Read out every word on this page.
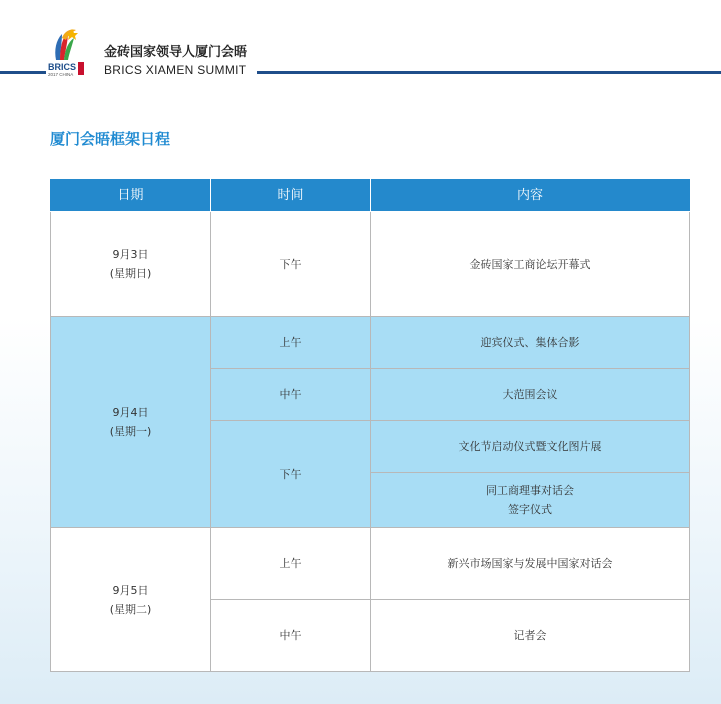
BRICS
2017 CHINA
金砖国家领导人厦门会晤
BRICS XIAMEN SUMMIT
厦门会晤框架日程
日期	时间	内容

9月3日
(星期日)	下午	金砖国家工商论坛开幕式

9月4日
(星期一)	上午	迎宾仪式、集体合影
	中午	大范围会议
	下午	文化节启动仪式暨文化图片展

		同工商理事对话会
签字仪式

9月5日
(星期二)	上午	新兴市场国家与发展中国家对话会
	中午	记者会
